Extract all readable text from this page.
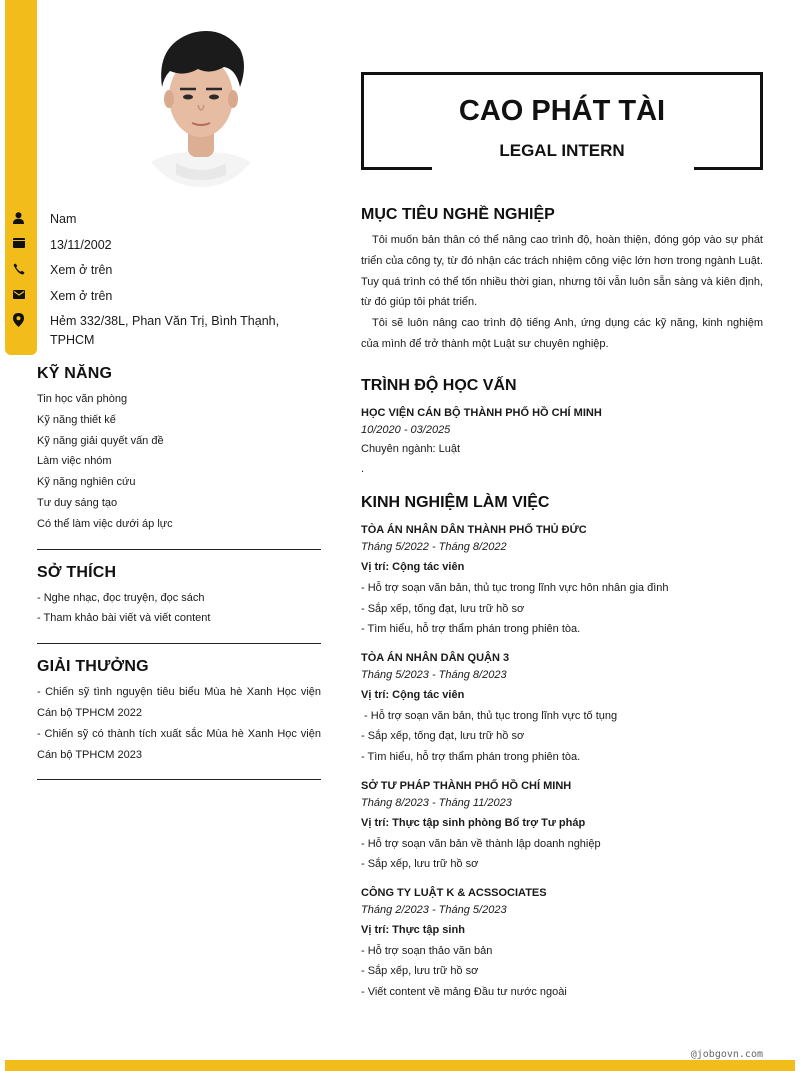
Nam
13/11/2002
Xem ở trên
Xem ở trên
Hẻm 332/38L, Phan Văn Trị, Bình Thạnh, TPHCM
KỸ NĂNG
Tin học văn phòng
Kỹ năng thiết kế
Kỹ năng giải quyết vấn đề
Làm việc nhóm
Kỹ năng nghiên cứu
Tư duy sáng tạo
Có thể làm việc dưới áp lực
SỞ THÍCH
- Nghe nhạc, đọc truyện, đọc sách
- Tham khảo bài viết và viết content
GIẢI THƯỞNG
- Chiến sỹ tình nguyện tiêu biểu Mùa hè Xanh Học viện Cán bộ TPHCM 2022
- Chiến sỹ có thành tích xuất sắc Mùa hè Xanh Học viện Cán bộ TPHCM 2023
CAO PHÁT TÀI
LEGAL INTERN
MỤC TIÊU NGHỀ NGHIỆP
Tôi muốn bản thân có thể nâng cao trình độ, hoàn thiện, đóng góp vào sự phát triển của công ty, từ đó nhận các trách nhiệm công việc lớn hơn trong ngành Luật. Tuy quá trình có thể tốn nhiều thời gian, nhưng tôi vẫn luôn sẵn sàng và kiên định, từ đó giúp tôi phát triển.
Tôi sẽ luôn nâng cao trình độ tiếng Anh, ứng dụng các kỹ năng, kinh nghiệm của mình để trở thành một Luật sư chuyên nghiệp.
TRÌNH ĐỘ HỌC VẤN
HỌC VIỆN CÁN BỘ THÀNH PHỐ HỒ CHÍ MINH
10/2020 - 03/2025
Chuyên ngành: Luật
.
KINH NGHIỆM LÀM VIỆC
TÒA ÁN NHÂN DÂN THÀNH PHỐ THỦ ĐỨC
Tháng 5/2022 - Tháng 8/2022
Vị trí: Cộng tác viên
- Hỗ trợ soạn văn bản, thủ tục trong lĩnh vực hôn nhân gia đình
- Sắp xếp, tống đạt, lưu trữ hồ sơ
- Tìm hiểu, hỗ trợ thẩm phán trong phiên tòa.
TÒA ÁN NHÂN DÂN QUẬN 3
Tháng 5/2023 - Tháng 8/2023
Vị trí: Cộng tác viên
- Hỗ trợ soạn văn bản, thủ tục trong lĩnh vực tố tụng
- Sắp xếp, tống đạt, lưu trữ hồ sơ
- Tìm hiểu, hỗ trợ thẩm phán trong phiên tòa.
SỞ TƯ PHÁP THÀNH PHỐ HỒ CHÍ MINH
Tháng 8/2023 - Tháng 11/2023
Vị trí: Thực tập sinh phòng Bổ trợ Tư pháp
- Hỗ trợ soạn văn bản về thành lập doanh nghiệp
- Sắp xếp, lưu trữ hồ sơ
CÔNG TY LUẬT K & ACSSOCIATES
Tháng 2/2023 - Tháng 5/2023
Vị trí: Thực tập sinh
- Hỗ trợ soạn thảo văn bản
- Sắp xếp, lưu trữ hồ sơ
- Viết content về mảng Đầu tư nước ngoài
@jobgovn.com
